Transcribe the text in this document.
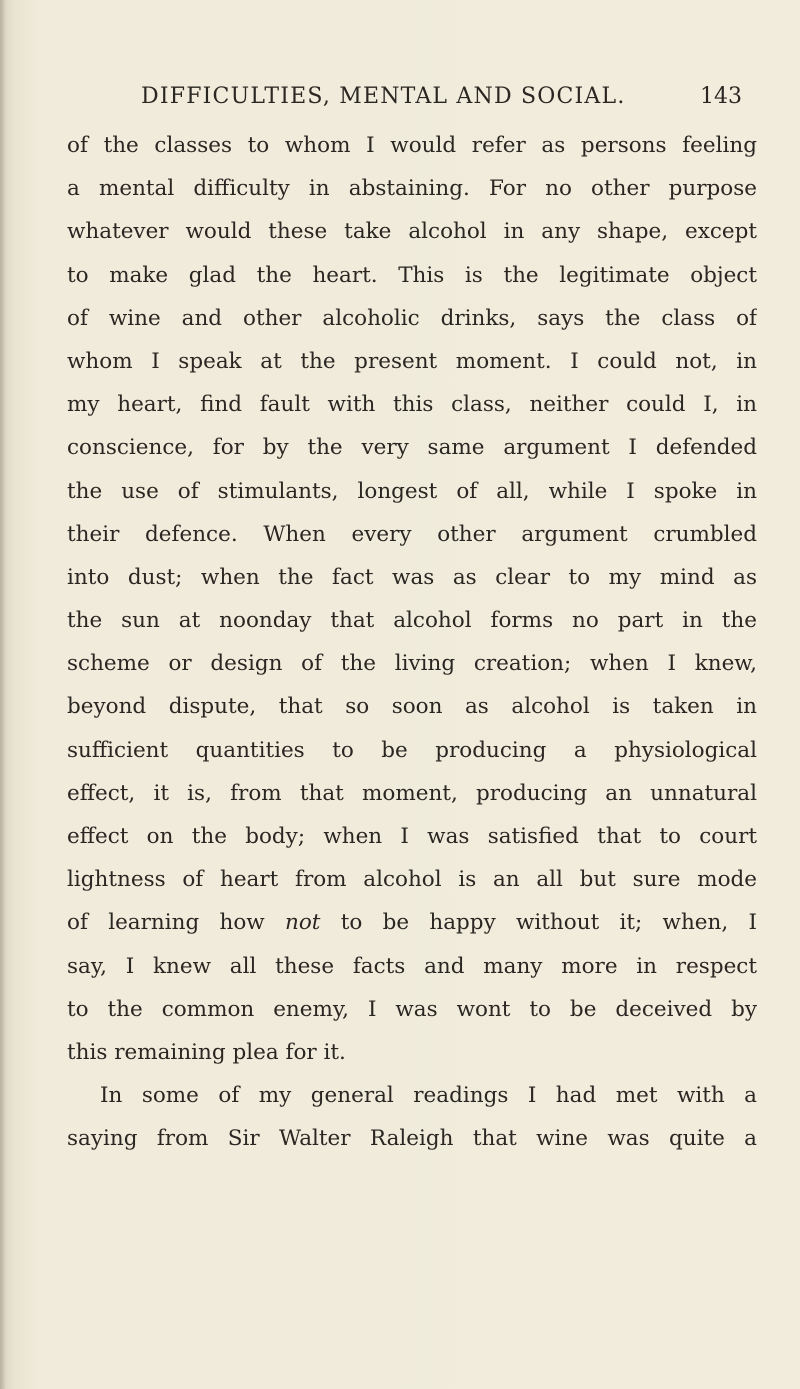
DIFFICULTIES, MENTAL AND SOCIAL.	143
of the classes to whom I would refer as persons feeling
a mental difficulty in abstaining. For no other purpose
whatever would these take alcohol in any shape, except
to make glad the heart. This is the legitimate object
of wine and other alcoholic drinks, says the class of
whom I speak at the present moment. I could not, in
my heart, find fault with this class, neither could I, in
conscience, for by the very same argument I defended
the use of stimulants, longest of all, while I spoke in
their defence. When every other argument crumbled
into dust; when the fact was as clear to my mind as
the sun at noonday that alcohol forms no part in the
scheme or design of the living creation; when I knew,
beyond dispute, that so soon as alcohol is taken in
sufficient quantities to be producing a physiological
effect, it is, from that moment, producing an unnatural
effect on the body; when I was satisfied that to court
lightness of heart from alcohol is an all but sure mode
of learning how not to be happy without it; when, I
say, I knew all these facts and many more in respect
to the common enemy, I was wont to be deceived by
this remaining plea for it.
In some of my general readings I had met with a
saying from Sir Walter Raleigh that wine was quite a
